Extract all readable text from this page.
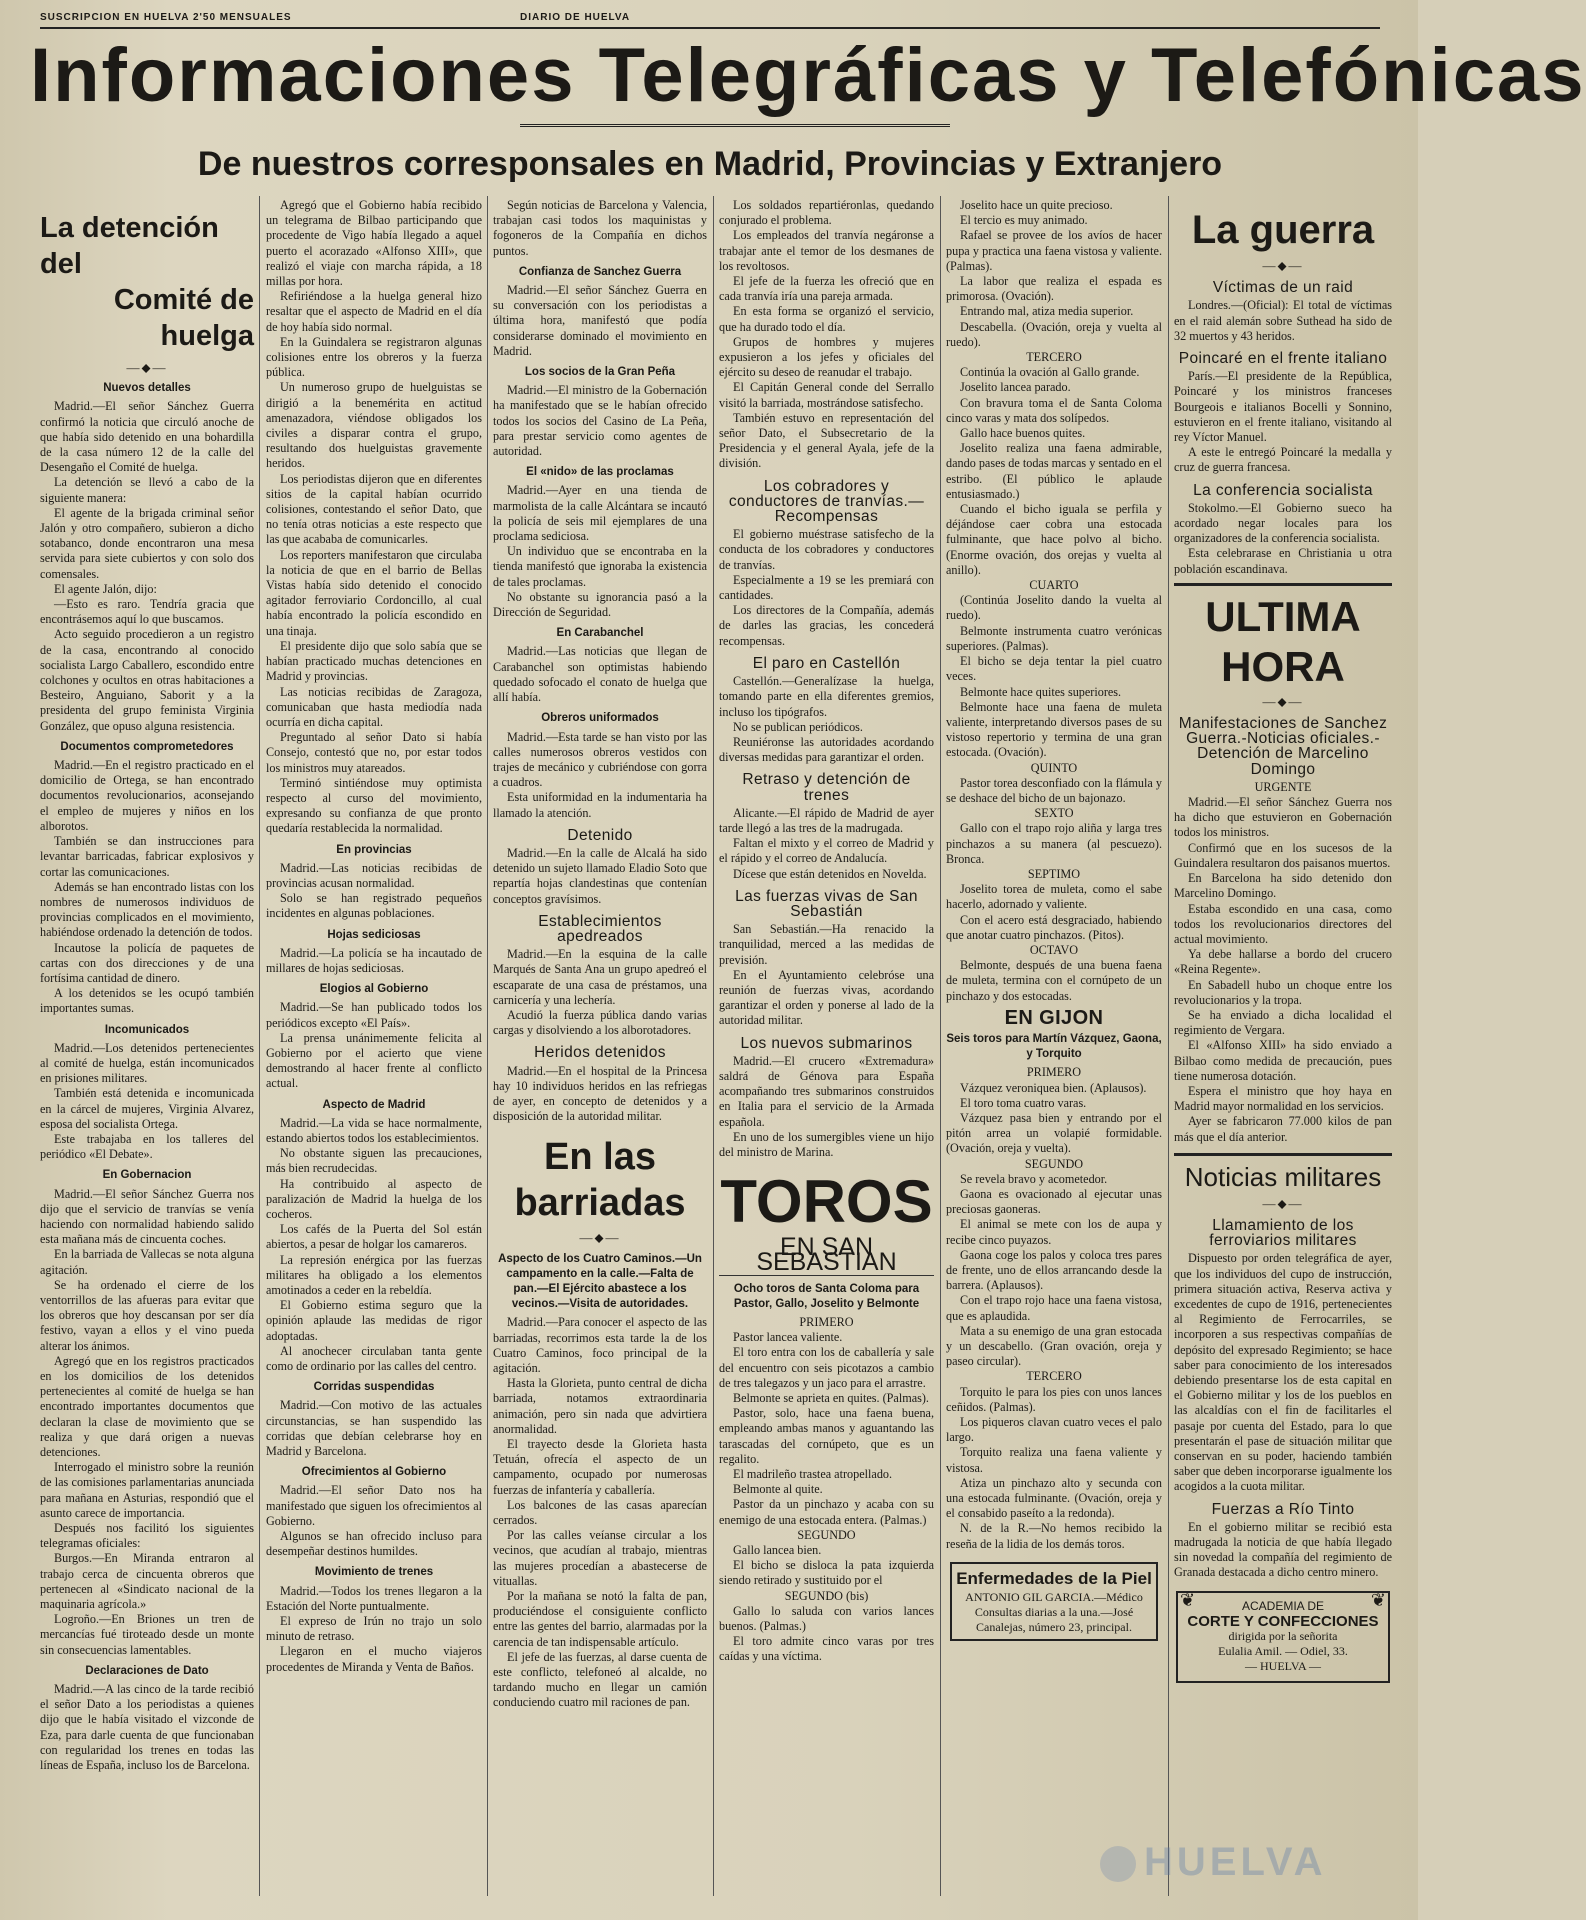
SUSCRIPCION EN HUELVA 2'50 MENSUALES	DIARIO DE HUELVA
Informaciones Telegráficas y Telefónicas
De nuestros corresponsales en Madrid, Provincias y Extranjero
La detención del
Comité de huelga
—⬥—
Nuevos detalles

Madrid.—El señor Sánchez Guerra confirmó la noticia que circuló anoche de que había sido detenido en una bohardilla de la casa número 12 de la calle del Desengaño el Comité de huelga.

La detención se llevó a cabo de la siguiente manera:

El agente de la brigada criminal señor Jalón y otro compañero, subieron a dicho sotabanco, donde encontraron una mesa servida para siete cubiertos y con solo dos comensales.

El agente Jalón, dijo:

—Esto es raro. Tendría gracia que encontrásemos aquí lo que buscamos.

Acto seguido procedieron a un registro de la casa, encontrando al conocido socialista Largo Caballero, escondido entre colchones y ocultos en otras habitaciones a Besteiro, Anguiano, Saborit y a la presidenta del grupo feminista Virginia González, que opuso alguna resistencia.

Documentos comprometedores

Madrid.—En el registro practicado en el domicilio de Ortega, se han encontrado documentos revolucionarios, aconsejando el empleo de mujeres y niños en los alborotos.

También se dan instrucciones para levantar barricadas, fabricar explosivos y cortar las comunicaciones.

Además se han encontrado listas con los nombres de numerosos individuos de provincias complicados en el movimiento, habiéndose ordenado la detención de todos.

Incautose la policía de paquetes de cartas con dos direcciones y de una fortísima cantidad de dinero.

A los detenidos se les ocupó también importantes sumas.

Incomunicados

Madrid.—Los detenidos pertenecientes al comité de huelga, están incomunicados en prisiones militares.

También está detenida e incomunicada en la cárcel de mujeres, Virginia Alvarez, esposa del socialista Ortega.

Este trabajaba en los talleres del periódico «El Debate».

En Gobernacion

Madrid.—El señor Sánchez Guerra nos dijo que el servicio de tranvías se venía haciendo con normalidad habiendo salido esta mañana más de cincuenta coches.

En la barriada de Vallecas se nota alguna agitación.

Se ha ordenado el cierre de los ventorrillos de las afueras para evitar que los obreros que hoy descansan por ser día festivo, vayan a ellos y el vino pueda alterar los ánimos.

Agregó que en los registros practicados en los domicilios de los detenidos pertenecientes al comité de huelga se han encontrado importantes documentos que declaran la clase de movimiento que se realiza y que dará origen a nuevas detenciones.

Interrogado el ministro sobre la reunión de las comisiones parlamentarias anunciada para mañana en Asturias, respondió que el asunto carece de importancia.

Después nos facilitó los siguientes telegramas oficiales:

Burgos.—En Miranda entraron al trabajo cerca de cincuenta obreros que pertenecen al «Sindicato nacional de la maquinaria agrícola.»

Logroño.—En Briones un tren de mercancías fué tiroteado desde un monte sin consecuencias lamentables.

Declaraciones de Dato

Madrid.—A las cinco de la tarde recibió el señor Dato a los periodistas a quienes dijo que le había visitado el vizconde de Eza, para darle cuenta de que funcionaban con regularidad los trenes en todas las líneas de España, incluso los de Barcelona.

Agregó que el Gobierno había recibido un telegrama de Bilbao participando que procedente de Vigo había llegado a aquel puerto el acorazado «Alfonso XIII», que realizó el viaje con marcha rápida, a 18 millas por hora.

Refiriéndose a la huelga general hizo resaltar que el aspecto de Madrid en el día de hoy había sido normal.

En la Guindalera se registraron algunas colisiones entre los obreros y la fuerza pública.

Un numeroso grupo de huelguistas se dirigió a la benemérita en actitud amenazadora, viéndose obligados los civiles a disparar contra el grupo, resultando dos huelguistas gravemente heridos.

Los periodistas dijeron que en diferentes sitios de la capital habían ocurrido colisiones, contestando el señor Dato, que no tenía otras noticias a este respecto que las que acababa de comunicarles.

Los reporters manifestaron que circulaba la noticia de que en el barrio de Bellas Vistas había sido detenido el conocido agitador ferroviario Cordoncillo, al cual había encontrado la policía escondido en una tinaja.

El presidente dijo que solo sabía que se habían practicado muchas detenciones en Madrid y provincias.

Las noticias recibidas de Zaragoza, comunicaban que hasta mediodía nada ocurría en dicha capital.

Preguntado al señor Dato si había Consejo, contestó que no, por estar todos los ministros muy atareados.

Terminó sintiéndose muy optimista respecto al curso del movimiento, expresando su confianza de que pronto quedaría restablecida la normalidad.

En provincias

Madrid.—Las noticias recibidas de provincias acusan normalidad.

Solo se han registrado pequeños incidentes en algunas poblaciones.

Hojas sediciosas

Madrid.—La policía se ha incautado de millares de hojas sediciosas.

Elogios al Gobierno

Madrid.—Se han publicado todos los periódicos excepto «El País».

La prensa unánimemente felicita al Gobierno por el acierto que viene demostrando al hacer frente al conflicto actual.

Aspecto de Madrid

Madrid.—La vida se hace normalmente, estando abiertos todos los establecimientos.

No obstante siguen las precauciones, más bien recrudecidas.

Ha contribuido al aspecto de paralización de Madrid la huelga de los cocheros.

Los cafés de la Puerta del Sol están abiertos, a pesar de holgar los camareros.

La represión enérgica por las fuerzas militares ha obligado a los elementos amotinados a ceder en la rebeldía.

El Gobierno estima seguro que la opinión aplaude las medidas de rigor adoptadas.

Al anochecer circulaban tanta gente como de ordinario por las calles del centro.

Corridas suspendidas

Madrid.—Con motivo de las actuales circunstancias, se han suspendido las corridas que debían celebrarse hoy en Madrid y Barcelona.

Ofrecimientos al Gobierno

Madrid.—El señor Dato nos ha manifestado que siguen los ofrecimientos al Gobierno.

Algunos se han ofrecido incluso para desempeñar destinos humildes.

Movimiento de trenes

Madrid.—Todos los trenes llegaron a la Estación del Norte puntualmente.

El expreso de Irún no trajo un solo minuto de retraso.

Llegaron en el mucho viajeros procedentes de Miranda y Venta de Baños.

Según noticias de Barcelona y Valencia, trabajan casi todos los maquinistas y fogoneros de la Compañía en dichos puntos.

Confianza de Sanchez Guerra

Madrid.—El señor Sánchez Guerra en su conversación con los periodistas a última hora, manifestó que podía considerarse dominado el movimiento en Madrid.

Los socios de la Gran Peña

Madrid.—El ministro de la Gobernación ha manifestado que se le habían ofrecido todos los socios del Casino de La Peña, para prestar servicio como agentes de autoridad.

El «nido» de las proclamas

Madrid.—Ayer en una tienda de marmolista de la calle Alcántara se incautó la policía de seis mil ejemplares de una proclama sediciosa.

Un individuo que se encontraba en la tienda manifestó que ignoraba la existencia de tales proclamas.

No obstante su ignorancia pasó a la Dirección de Seguridad.

En Carabanchel

Madrid.—Las noticias que llegan de Carabanchel son optimistas habiendo quedado sofocado el conato de huelga que allí había.

Obreros uniformados

Madrid.—Esta tarde se han visto por las calles numerosos obreros vestidos con trajes de mecánico y cubriéndose con gorra a cuadros.

Esta uniformidad en la indumentaria ha llamado la atención.

Detenido

Madrid.—En la calle de Alcalá ha sido detenido un sujeto llamado Eladio Soto que repartía hojas clandestinas que contenían conceptos gravísimos.

Establecimientos apedreados

Madrid.—En la esquina de la calle Marqués de Santa Ana un grupo apedreó el escaparate de una casa de préstamos, una carnicería y una lechería.

Acudió la fuerza pública dando varias cargas y disolviendo a los alborotadores.

Heridos detenidos

Madrid.—En el hospital de la Princesa hay 10 individuos heridos en las refriegas de ayer, en concepto de detenidos y a disposición de la autoridad militar.

En las barriadas
—⬥—
Aspecto de los Cuatro Caminos.—Un campamento en la calle.—Falta de pan.—El Ejército abastece a los vecinos.—Visita de autoridades.

Madrid.—Para conocer el aspecto de las barriadas, recorrimos esta tarde la de los Cuatro Caminos, foco principal de la agitación.

Hasta la Glorieta, punto central de dicha barriada, notamos extraordinaria animación, pero sin nada que advirtiera anormalidad.

El trayecto desde la Glorieta hasta Tetuán, ofrecía el aspecto de un campamento, ocupado por numerosas fuerzas de infantería y caballería.

Los balcones de las casas aparecían cerrados.

Por las calles veíanse circular a los vecinos, que acudían al trabajo, mientras las mujeres procedían a abastecerse de vituallas.

Por la mañana se notó la falta de pan, produciéndose el consiguiente conflicto entre las gentes del barrio, alarmadas por la carencia de tan indispensable artículo.

El jefe de las fuerzas, al darse cuenta de este conflicto, telefoneó al alcalde, no tardando mucho en llegar un camión conduciendo cuatro mil raciones de pan.

Los soldados repartiéronlas, quedando conjurado el problema.

Los empleados del tranvía negáronse a trabajar ante el temor de los desmanes de los revoltosos.

El jefe de la fuerza les ofreció que en cada tranvía iría una pareja armada.

En esta forma se organizó el servicio, que ha durado todo el día.

Grupos de hombres y mujeres expusieron a los jefes y oficiales del ejército su deseo de reanudar el trabajo.

El Capitán General conde del Serrallo visitó la barriada, mostrándose satisfecho.

También estuvo en representación del señor Dato, el Subsecretario de la Presidencia y el general Ayala, jefe de la división.

Los cobradores y conductores de tranvías.—Recompensas

El gobierno muéstrase satisfecho de la conducta de los cobradores y conductores de tranvías.

Especialmente a 19 se les premiará con cantidades.

Los directores de la Compañía, además de darles las gracias, les concederá recompensas.

El paro en Castellón

Castellón.—Generalízase la huelga, tomando parte en ella diferentes gremios, incluso los tipógrafos.

No se publican periódicos.

Reuniéronse las autoridades acordando diversas medidas para garantizar el orden.

Retraso y detención de trenes

Alicante.—El rápido de Madrid de ayer tarde llegó a las tres de la madrugada.

Faltan el mixto y el correo de Madrid y el rápido y el correo de Andalucía.

Dícese que están detenidos en Novelda.

Las fuerzas vivas de San Sebastián

San Sebastián.—Ha renacido la tranquilidad, merced a las medidas de previsión.

En el Ayuntamiento celebróse una reunión de fuerzas vivas, acordando garantizar el orden y ponerse al lado de la autoridad militar.

Los nuevos submarinos

Madrid.—El crucero «Extremadura» saldrá de Génova para España acompañando tres submarinos construidos en Italia para el servicio de la Armada española.

En uno de los sumergibles viene un hijo del ministro de Marina.

TOROS
EN SAN SEBASTIAN
Ocho toros de Santa Coloma para Pastor, Gallo, Joselito y Belmonte

PRIMERO

Pastor lancea valiente.

El toro entra con los de caballería y sale del encuentro con seis picotazos a cambio de tres talegazos y un jaco para el arrastre.

Belmonte se aprieta en quites. (Palmas).

Pastor, solo, hace una faena buena, empleando ambas manos y aguantando las tarascadas del cornúpeto, que es un regalito.

El madrileño trastea atropellado.

Belmonte al quite.

Pastor da un pinchazo y acaba con su enemigo de una estocada entera. (Palmas.)

SEGUNDO

Gallo lancea bien.

El bicho se disloca la pata izquierda siendo retirado y sustituido por el

SEGUNDO (bis)

Gallo lo saluda con varios lances buenos. (Palmas.)

El toro admite cinco varas por tres caídas y una víctima.

Joselito hace un quite precioso.

El tercio es muy animado.

Rafael se provee de los avíos de hacer pupa y practica una faena vistosa y valiente. (Palmas).

La labor que realiza el espada es primorosa. (Ovación).

Entrando mal, atiza media superior.

Descabella. (Ovación, oreja y vuelta al ruedo).

TERCERO

Continúa la ovación al Gallo grande.

Joselito lancea parado.

Con bravura toma el de Santa Coloma cinco varas y mata dos solípedos.

Gallo hace buenos quites.

Joselito realiza una faena admirable, dando pases de todas marcas y sentado en el estribo. (El público le aplaude entusiasmado.)

Cuando el bicho iguala se perfila y déjándose caer cobra una estocada fulminante, que hace polvo al bicho. (Enorme ovación, dos orejas y vuelta al anillo).

CUARTO

(Continúa Joselito dando la vuelta al ruedo).

Belmonte instrumenta cuatro verónicas superiores. (Palmas).

El bicho se deja tentar la piel cuatro veces.

Belmonte hace quites superiores.

Belmonte hace una faena de muleta valiente, interpretando diversos pases de su vistoso repertorio y termina de una gran estocada. (Ovación).

QUINTO

Pastor torea desconfiado con la flámula y se deshace del bicho de un bajonazo.

SEXTO

Gallo con el trapo rojo aliña y larga tres pinchazos a su manera (al pescuezo). Bronca.

SEPTIMO

Joselito torea de muleta, como el sabe hacerlo, adornado y valiente.

Con el acero está desgraciado, habiendo que anotar cuatro pinchazos. (Pitos).

OCTAVO

Belmonte, después de una buena faena de muleta, termina con el cornúpeto de un pinchazo y dos estocadas.

EN GIJON
Seis toros para Martín Vázquez, Gaona, y Torquito

PRIMERO

Vázquez veroniquea bien. (Aplausos).

El toro toma cuatro varas.

Vázquez pasa bien y entrando por el pitón arrea un volapié formidable. (Ovación, oreja y vuelta).

SEGUNDO

Se revela bravo y acometedor.

Gaona es ovacionado al ejecutar unas preciosas gaoneras.

El animal se mete con los de aupa y recibe cinco puyazos.

Gaona coge los palos y coloca tres pares de frente, uno de ellos arrancando desde la barrera. (Aplausos).

Con el trapo rojo hace una faena vistosa, que es aplaudida.

Mata a su enemigo de una gran estocada y un descabello. (Gran ovación, oreja y paseo circular).

TERCERO

Torquito le para los pies con unos lances ceñidos. (Palmas).

Los piqueros clavan cuatro veces el palo largo.

Torquito realiza una faena valiente y vistosa.

Atiza un pinchazo alto y secunda con una estocada fulminante. (Ovación, oreja y el consabido paseíto a la redonda).

N. de la R.—No hemos recibido la reseña de la lidia de los demás toros.

Enfermedades de la Piel
ANTONIO GIL GARCIA.—Médico
Consultas diarias a la una.—José Canalejas, número 23, principal.
La guerra
—⬥—
Víctimas de un raid

Londres.—(Oficial): El total de víctimas en el raid alemán sobre Suthead ha sido de 32 muertos y 43 heridos.

Poincaré en el frente italiano

París.—El presidente de la República, Poincaré y los ministros franceses Bourgeois e italianos Bocelli y Sonnino, estuvieron en el frente italiano, visitando al rey Víctor Manuel.

A este le entregó Poincaré la medalla y cruz de guerra francesa.

La conferencia socialista

Stokolmo.—El Gobierno sueco ha acordado negar locales para los organizadores de la conferencia socialista.

Esta celebrarase en Christiania u otra población escandinava.

ULTIMA HORA
—⬥—
Manifestaciones de Sanchez Guerra.-Noticias oficiales.- Detención de Marcelino Domingo

URGENTE

Madrid.—El señor Sánchez Guerra nos ha dicho que estuvieron en Gobernación todos los ministros.

Confirmó que en los sucesos de la Guindalera resultaron dos paisanos muertos.

En Barcelona ha sido detenido don Marcelino Domingo.

Estaba escondido en una casa, como todos los revolucionarios directores del actual movimiento.

Ya debe hallarse a bordo del crucero «Reina Regente».

En Sabadell hubo un choque entre los revolucionarios y la tropa.

Se ha enviado a dicha localidad el regimiento de Vergara.

El «Alfonso XIII» ha sido enviado a Bilbao como medida de precaución, pues tiene numerosa dotación.

Espera el ministro que hoy haya en Madrid mayor normalidad en los servicios.

Ayer se fabricaron 77.000 kilos de pan más que el día anterior.

Noticias militares
—⬥—
Llamamiento de los ferroviarios militares

Dispuesto por orden telegráfica de ayer, que los individuos del cupo de instrucción, primera situación activa, Reserva activa y excedentes de cupo de 1916, pertenecientes al Regimiento de Ferrocarriles, se incorporen a sus respectivas compañías de depósito del expresado Regimiento; se hace saber para conocimiento de los interesados debiendo presentarse los de esta capital en el Gobierno militar y los de los pueblos en las alcaldías con el fin de facilitarles el pasaje por cuenta del Estado, para lo que presentarán el pase de situación militar que conservan en su poder, haciendo también saber que deben incorporarse igualmente los acogidos a la cuota militar.

Fuerzas a Río Tinto

En el gobierno militar se recibió esta madrugada la noticia de que había llegado sin novedad la compañía del regimiento de Granada destacada a dicho centro minero.

❦	❦
ACADEMIA DE
CORTE Y CONFECCIONES
dirigida por la señorita
Eulalia Amil. — Odiel, 33.
— HUELVA —
HUELVA
